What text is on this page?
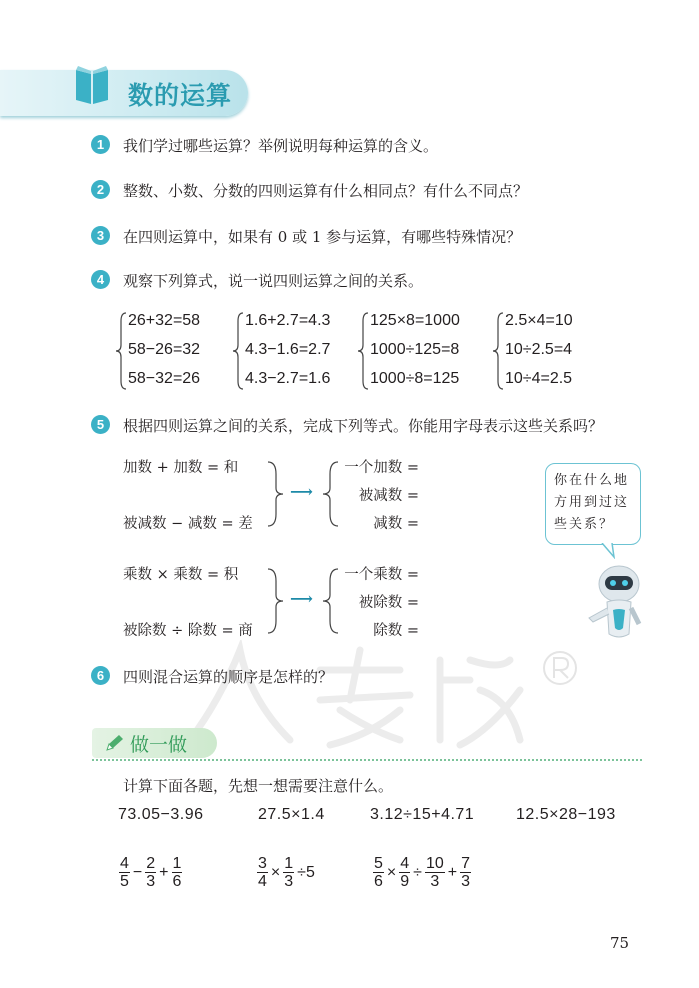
数的运算
1	我们学过哪些运算？举例说明每种运算的含义。
2	整数、小数、分数的四则运算有什么相同点？有什么不同点？
3	在四则运算中，如果有 0 或 1 参与运算，有哪些特殊情况？
4	观察下列算式，说一说四则运算之间的关系。
26+32=58
58−26=32
58−32=26
1.6+2.7=4.3
4.3−1.6=2.7
4.3−2.7=1.6
125×8=1000
1000÷125=8
1000÷8=125
2.5×4=10
10÷2.5=4
10÷4=2.5
5	根据四则运算之间的关系，完成下列等式。你能用字母表示这些关系吗？
加数 + 加数 = 和
被减数 − 减数 = 差
⟶
一个加数 =
被减数 =
减数 =
乘数 × 乘数 = 积
被除数 ÷ 除数 = 商
⟶
一个乘数 =
被除数 =
除数 =
你在什么地
方用到过这
些关系？
6	四则混合运算的顺序是怎样的？
做一做
计算下面各题，先想一想需要注意什么。
73.05−3.96	27.5×1.4	3.12÷15+4.71	12.5×28−193
$\frac{4}{5} - \frac{2}{3} + \frac{1}{6}$	$\frac{3}{4} \times \frac{1}{3} \div 5$	$\frac{5}{6} \times \frac{4}{9} \div \frac{10}{3} + \frac{7}{3}$
75
